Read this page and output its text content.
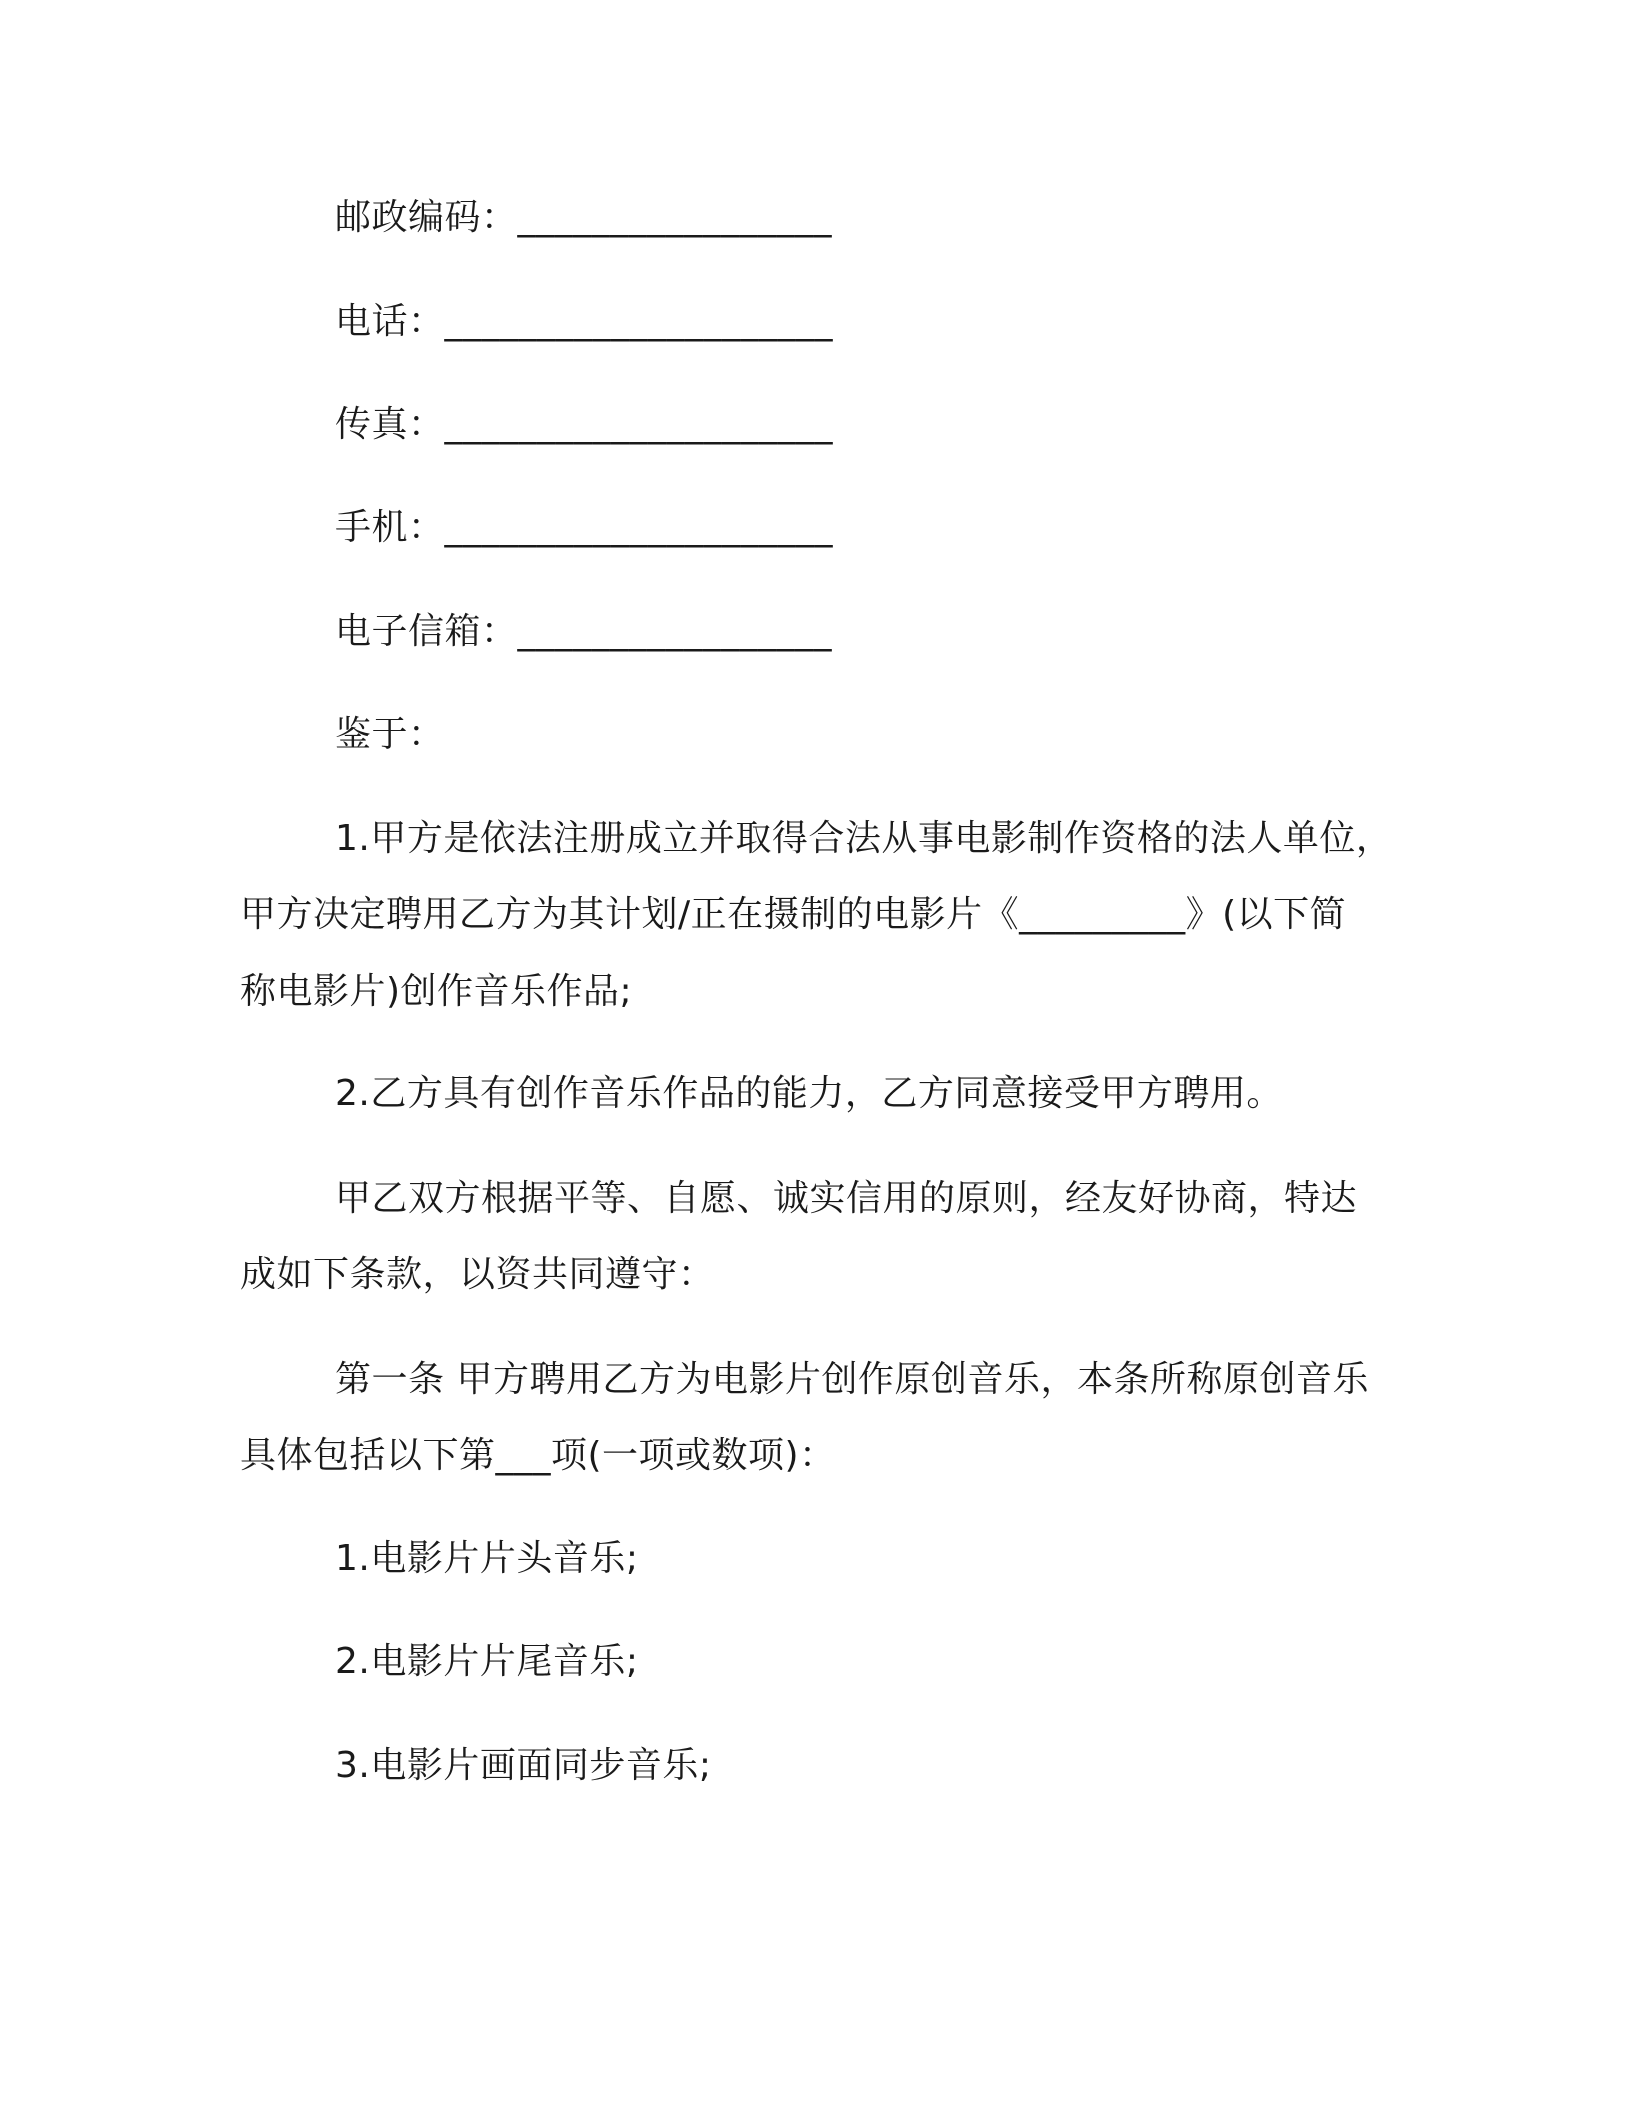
邮政编码：_________________
电话：_____________________
传真：_____________________
手机：_____________________
电子信箱：_________________
鉴于：
1.甲方是依法注册成立并取得合法从事电影制作资格的法人单位，
甲方决定聘用乙方为其计划/正在摄制的电影片《_________》(以下简
称电影片)创作音乐作品;
2.乙方具有创作音乐作品的能力，乙方同意接受甲方聘用。
甲乙双方根据平等、自愿、诚实信用的原则，经友好协商，特达
成如下条款，以资共同遵守：
第一条 甲方聘用乙方为电影片创作原创音乐，本条所称原创音乐
具体包括以下第___项(一项或数项)：
1.电影片片头音乐;
2.电影片片尾音乐;
3.电影片画面同步音乐;
